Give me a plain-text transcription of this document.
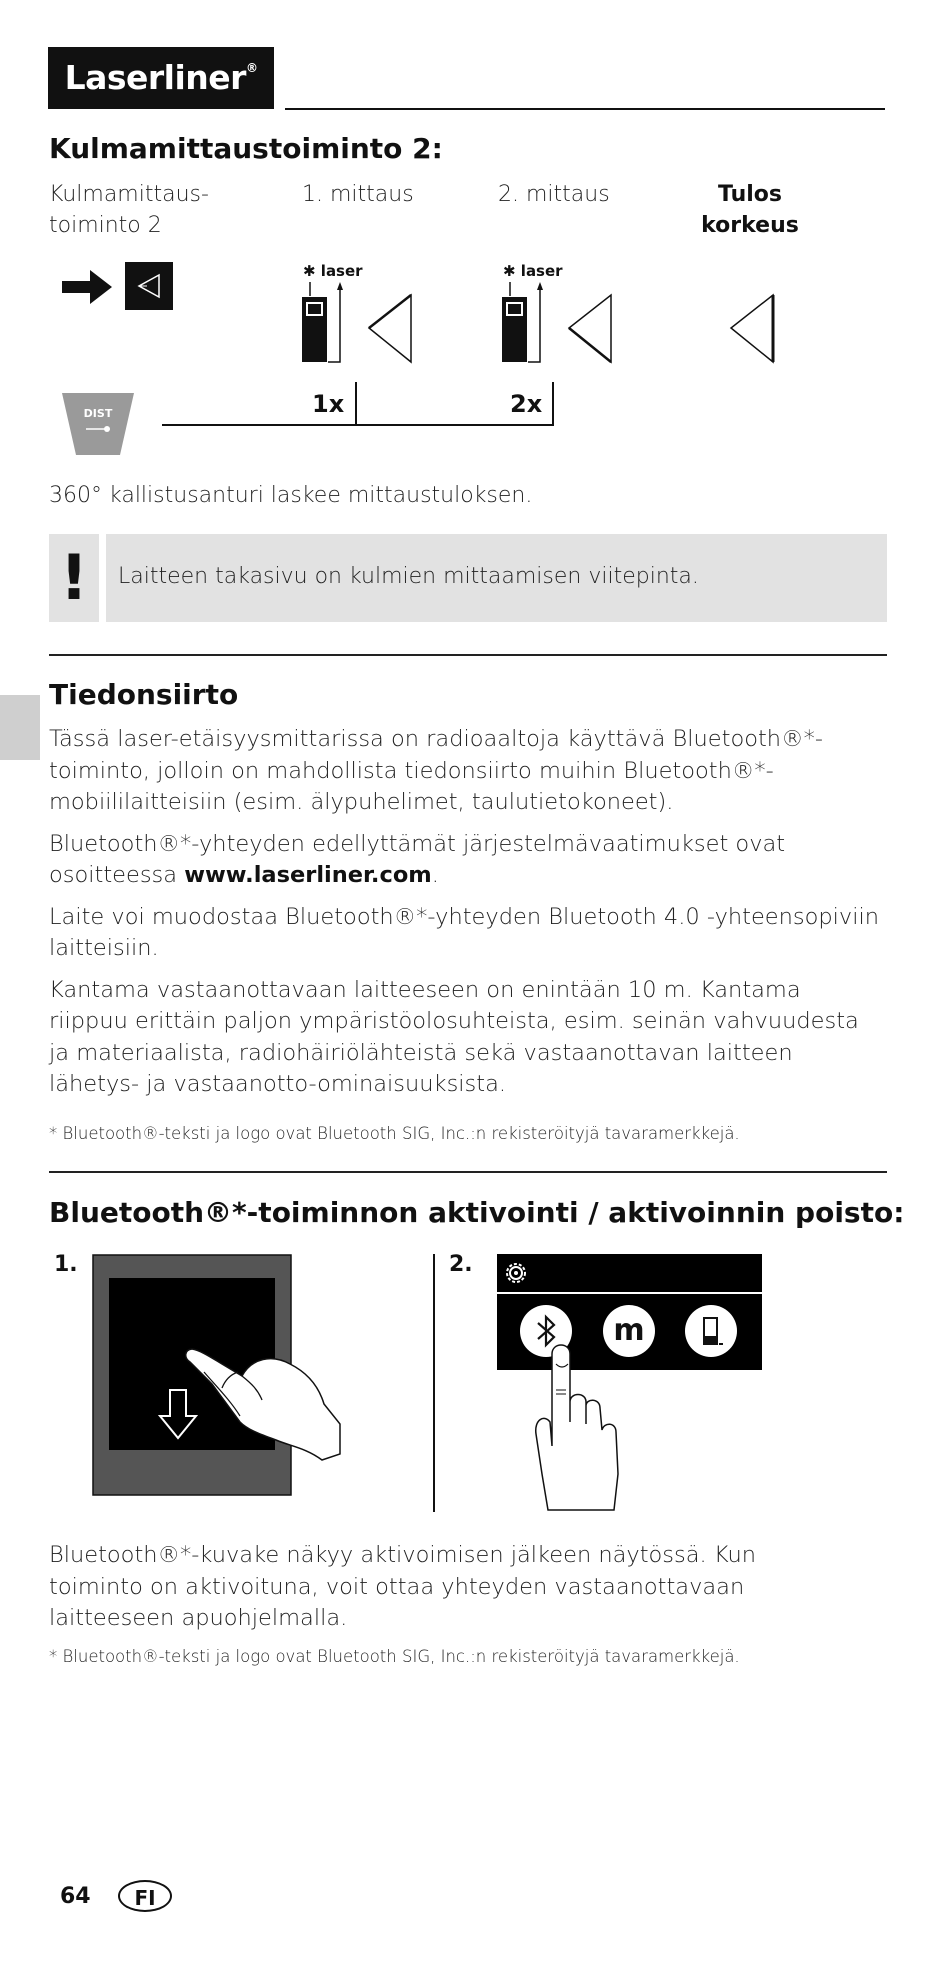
Laserliner®
Kulmamittaustoiminto 2:
Kulmamittaus-
toiminto 2
1. mittaus	2. mittaus	Tulos
korkeus
✱ laser	✱ laser
DIST	1x	2x
360° kallistusanturi laskee mittaustuloksen.
!	Laitteen takasivu on kulmien mittaamisen viitepinta.
Tiedonsiirto

Tässä laser-etäisyysmittarissa on radioaaltoja käyttävä Bluetooth®*-
toiminto, jolloin on mahdollista tiedonsiirto muihin Bluetooth®*-
mobiililaitteisiin (esim. älypuhelimet, taulutietokoneet).

Bluetooth®*-yhteyden edellyttämät järjestelmävaatimukset ovat
osoitteessa www.laserliner.com.

Laite voi muodostaa Bluetooth®*-yhteyden Bluetooth 4.0 -yhteensopiviin
laitteisiin.

Kantama vastaanottavaan laitteeseen on enintään 10 m. Kantama
riippuu erittäin paljon ympäristöolosuhteista, esim. seinän vahvuudesta
ja materiaalista, radiohäiriölähteistä sekä vastaanottavan laitteen
lähetys- ja vastaanotto-ominaisuuksista.

* Bluetooth®-teksti ja logo ovat Bluetooth SIG, Inc.:n rekisteröityjä tavaramerkkejä.
Bluetooth®*-toiminnon aktivointi / aktivoinnin poisto:
1.	2.
m

Bluetooth®*-kuvake näkyy aktivoimisen jälkeen näytössä. Kun
toiminto on aktivoituna, voit ottaa yhteyden vastaanottavaan
laitteeseen apuohjelmalla.

* Bluetooth®-teksti ja logo ovat Bluetooth SIG, Inc.:n rekisteröityjä tavaramerkkejä.
64	FI
